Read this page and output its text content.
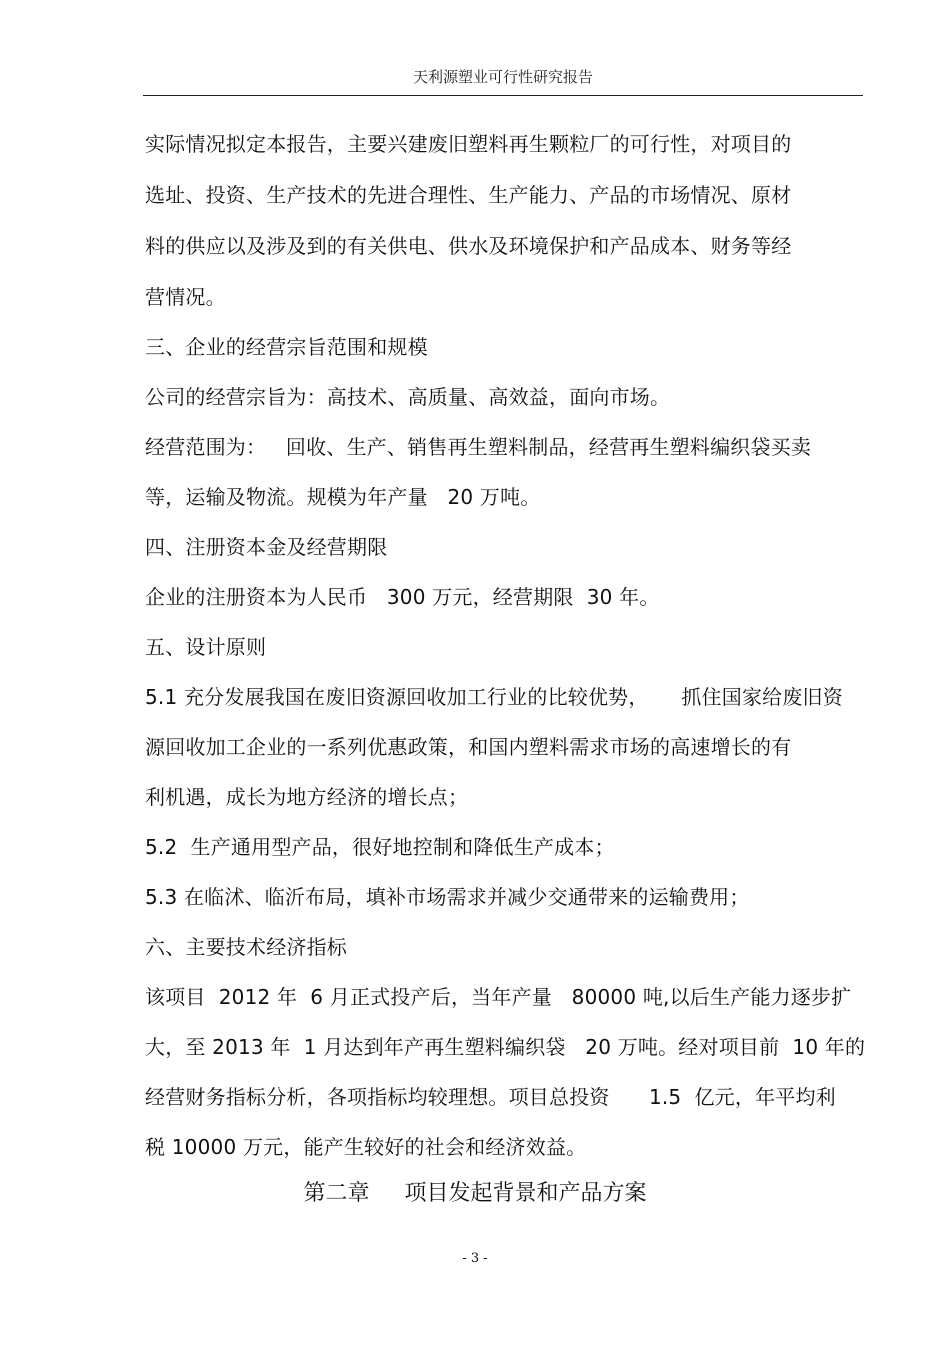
天利源塑业可行性研究报告
实际情况拟定本报告，主要兴建废旧塑料再生颗粒厂的可行性，对项目的
选址、投资、生产技术的先进合理性、生产能力、产品的市场情况、原材
料的供应以及涉及到的有关供电、供水及环境保护和产品成本、财务等经
营情况。
三、企业的经营宗旨范围和规模
公司的经营宗旨为：高技术、高质量、高效益，面向市场。
经营范围为：   回收、生产、销售再生塑料制品，经营再生塑料编织袋买卖
等，运输及物流。规模为年产量   20 万吨。
四、注册资本金及经营期限
企业的注册资本为人民币   300 万元，经营期限  30 年。
五、设计原则
5.1 充分发展我国在废旧资源回收加工行业的比较优势，     抓住国家给废旧资
源回收加工企业的一系列优惠政策，和国内塑料需求市场的高速增长的有
利机遇，成长为地方经济的增长点；
5.2  生产通用型产品，很好地控制和降低生产成本；
5.3 在临沭、临沂布局，填补市场需求并减少交通带来的运输费用；
六、主要技术经济指标
该项目  2012 年  6 月正式投产后，当年产量   80000 吨,以后生产能力逐步扩
大，至 2013 年  1 月达到年产再生塑料编织袋   20 万吨。经对项目前  10 年的
经营财务指标分析，各项指标均较理想。项目总投资      1.5  亿元，年平均利
税 10000 万元，能产生较好的社会和经济效益。
第二章     项目发起背景和产品方案
- 3 -
